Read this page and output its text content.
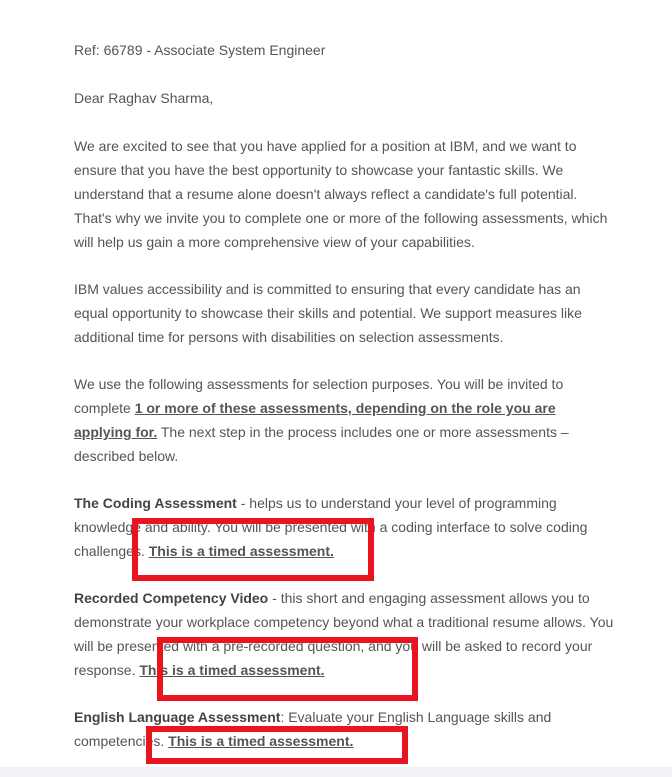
Ref: 66789 - Associate System Engineer

Dear Raghav Sharma,

We are excited to see that you have applied for a position at IBM, and we want to ensure that you have the best opportunity to showcase your fantastic skills. We understand that a resume alone doesn't always reflect a candidate's full potential. That's why we invite you to complete one or more of the following assessments, which will help us gain a more comprehensive view of your capabilities.

IBM values accessibility and is committed to ensuring that every candidate has an equal opportunity to showcase their skills and potential. We support measures like additional time for persons with disabilities on selection assessments.

We use the following assessments for selection purposes. You will be invited to complete 1 or more of these assessments, depending on the role you are applying for. The next step in the process includes one or more assessments – described below.

The Coding Assessment - helps us to understand your level of programming knowledge and ability. You will be presented with a coding interface to solve coding challenges. This is a timed assessment.

Recorded Competency Video - this short and engaging assessment allows you to demonstrate your workplace competency beyond what a traditional resume allows. You will be presented with a pre-recorded question, and you will be asked to record your response. This is a timed assessment.

English Language Assessment: Evaluate your English Language skills and competencies. This is a timed assessment.
